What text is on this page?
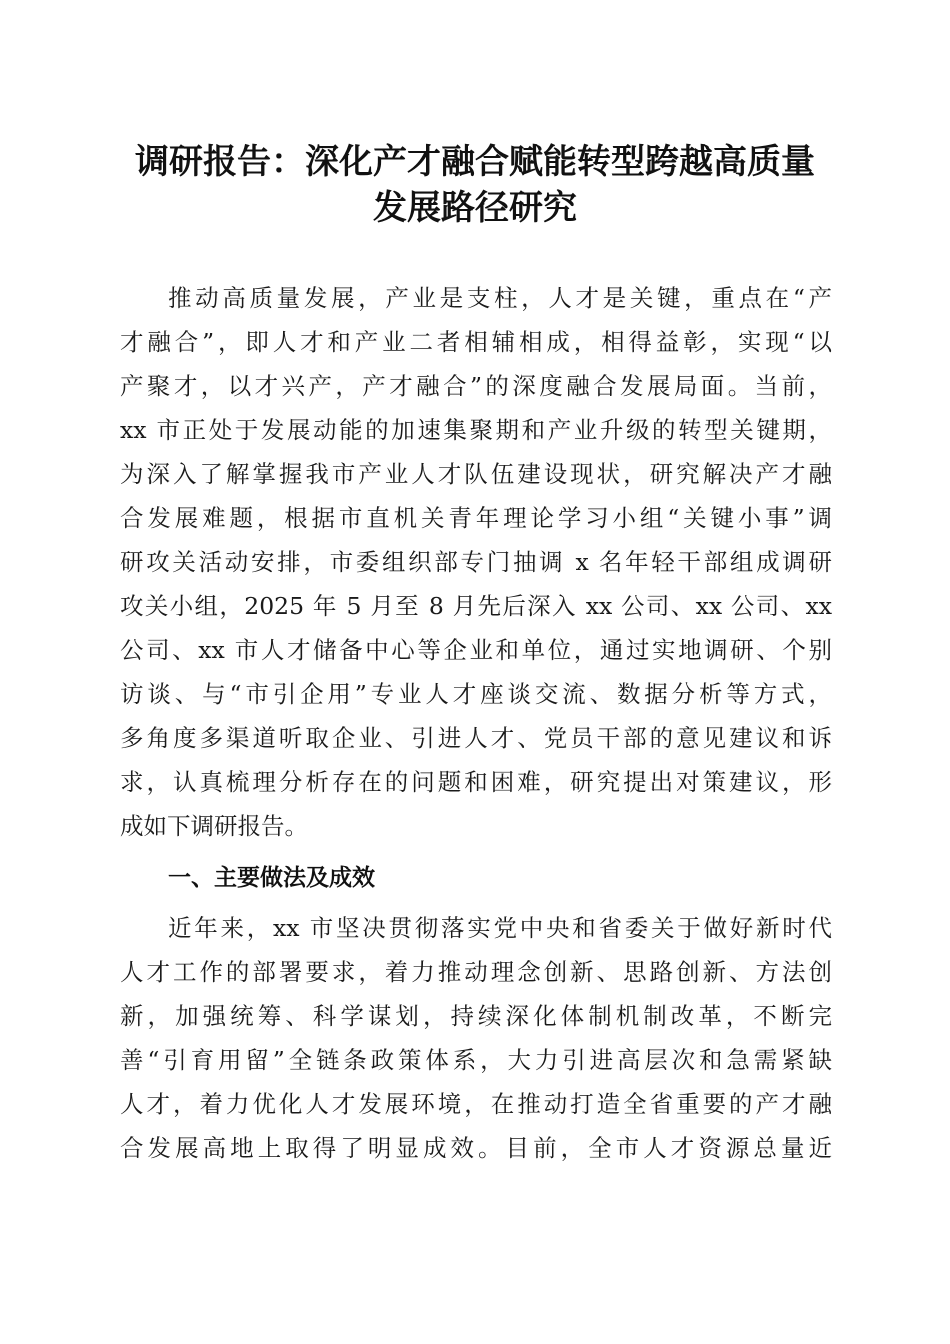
调研报告：深化产才融合赋能转型跨越高质量
发展路径研究
推动高质量发展，产业是支柱，人才是关键，重点在“产
才融合”，即人才和产业二者相辅相成，相得益彰，实现“以
产聚才，以才兴产，产才融合”的深度融合发展局面。当前，
xx 市正处于发展动能的加速集聚期和产业升级的转型关键期，
为深入了解掌握我市产业人才队伍建设现状，研究解决产才融
合发展难题，根据市直机关青年理论学习小组“关键小事”调
研攻关活动安排，市委组织部专门抽调 x 名年轻干部组成调研
攻关小组，2025 年 5 月至 8 月先后深入 xx 公司、xx 公司、xx
公司、xx 市人才储备中心等企业和单位，通过实地调研、个别
访谈、与“市引企用”专业人才座谈交流、数据分析等方式，
多角度多渠道听取企业、引进人才、党员干部的意见建议和诉
求，认真梳理分析存在的问题和困难，研究提出对策建议，形
成如下调研报告。
一、主要做法及成效
近年来，xx 市坚决贯彻落实党中央和省委关于做好新时代
人才工作的部署要求，着力推动理念创新、思路创新、方法创
新，加强统筹、科学谋划，持续深化体制机制改革，不断完
善“引育用留”全链条政策体系，大力引进高层次和急需紧缺
人才，着力优化人才发展环境，在推动打造全省重要的产才融
合发展高地上取得了明显成效。目前，全市人才资源总量近
